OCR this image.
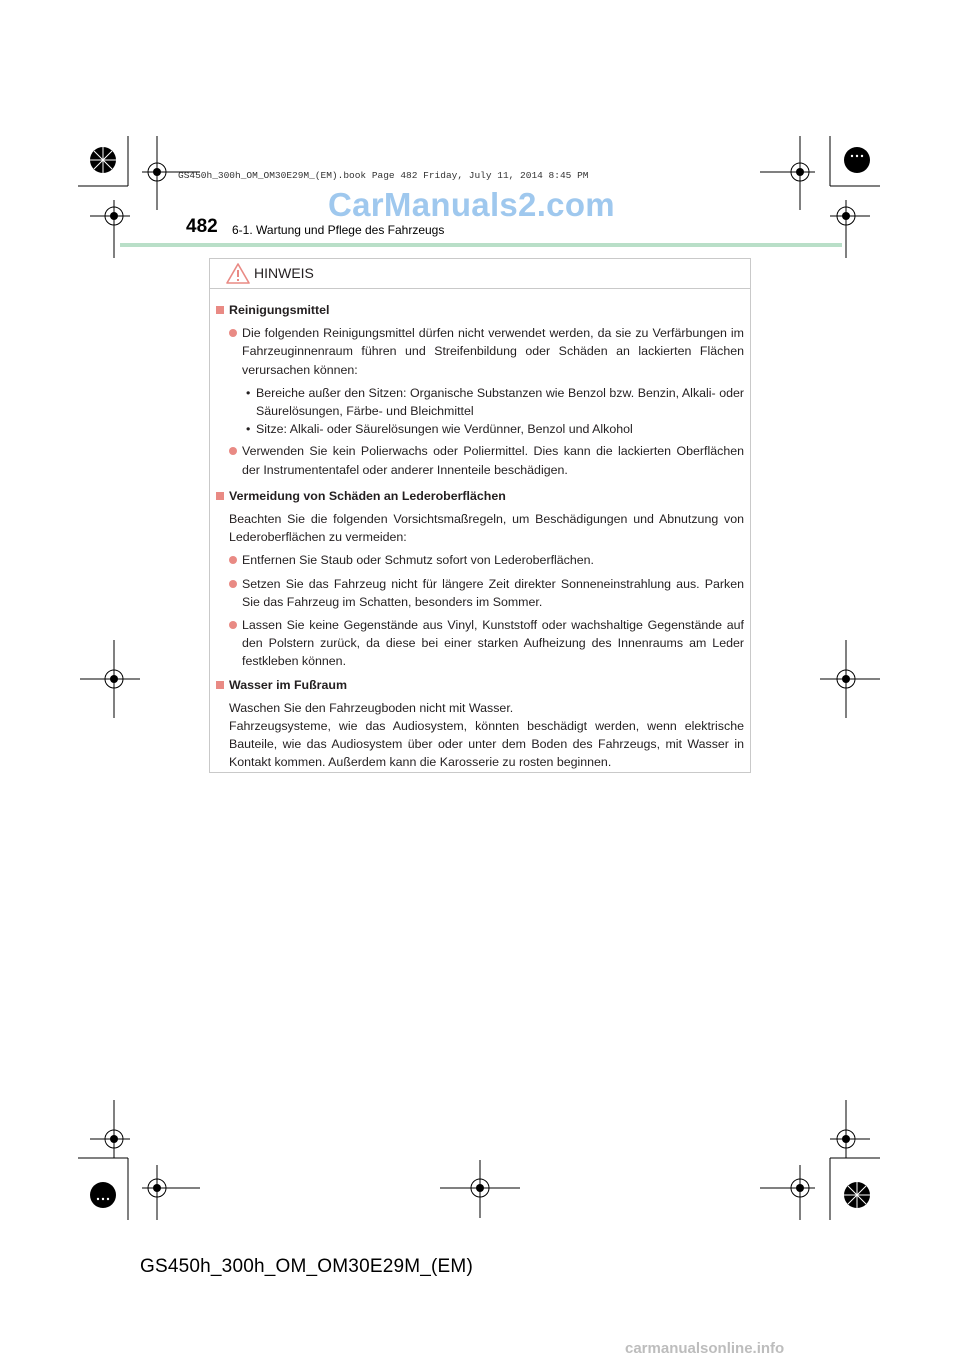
GS450h_300h_OM_OM30E29M_(EM).book Page 482 Friday, July 11, 2014 8:45 PM
CarManuals2.com
482 6-1. Wartung und Pflege des Fahrzeugs
HINWEIS
Reinigungsmittel
Die folgenden Reinigungsmittel dürfen nicht verwendet werden, da sie zu Verfärbungen im Fahrzeuginnenraum führen und Streifenbildung oder Schäden an lackierten Flächen verursachen können:
• Bereiche außer den Sitzen: Organische Substanzen wie Benzol bzw. Benzin, Alkali- oder Säurelösungen, Färbe- und Bleichmittel
• Sitze: Alkali- oder Säurelösungen wie Verdünner, Benzol und Alkohol
Verwenden Sie kein Polierwachs oder Poliermittel. Dies kann die lackierten Oberflächen der Instrumententafel oder anderer Innenteile beschädigen.
Vermeidung von Schäden an Lederoberflächen
Beachten Sie die folgenden Vorsichtsmaßregeln, um Beschädigungen und Abnutzung von Lederoberflächen zu vermeiden:
Entfernen Sie Staub oder Schmutz sofort von Lederoberflächen.
Setzen Sie das Fahrzeug nicht für längere Zeit direkter Sonneneinstrahlung aus. Parken Sie das Fahrzeug im Schatten, besonders im Sommer.
Lassen Sie keine Gegenstände aus Vinyl, Kunststoff oder wachshaltige Gegenstände auf den Polstern zurück, da diese bei einer starken Aufheizung des Innenraums am Leder festkleben können.
Wasser im Fußraum
Waschen Sie den Fahrzeugboden nicht mit Wasser.
Fahrzeugsysteme, wie das Audiosystem, könnten beschädigt werden, wenn elektrische Bauteile, wie das Audiosystem über oder unter dem Boden des Fahrzeugs, mit Wasser in Kontakt kommen. Außerdem kann die Karosserie zu rosten beginnen.
GS450h_300h_OM_OM30E29M_(EM)
carmanualsonline.info
